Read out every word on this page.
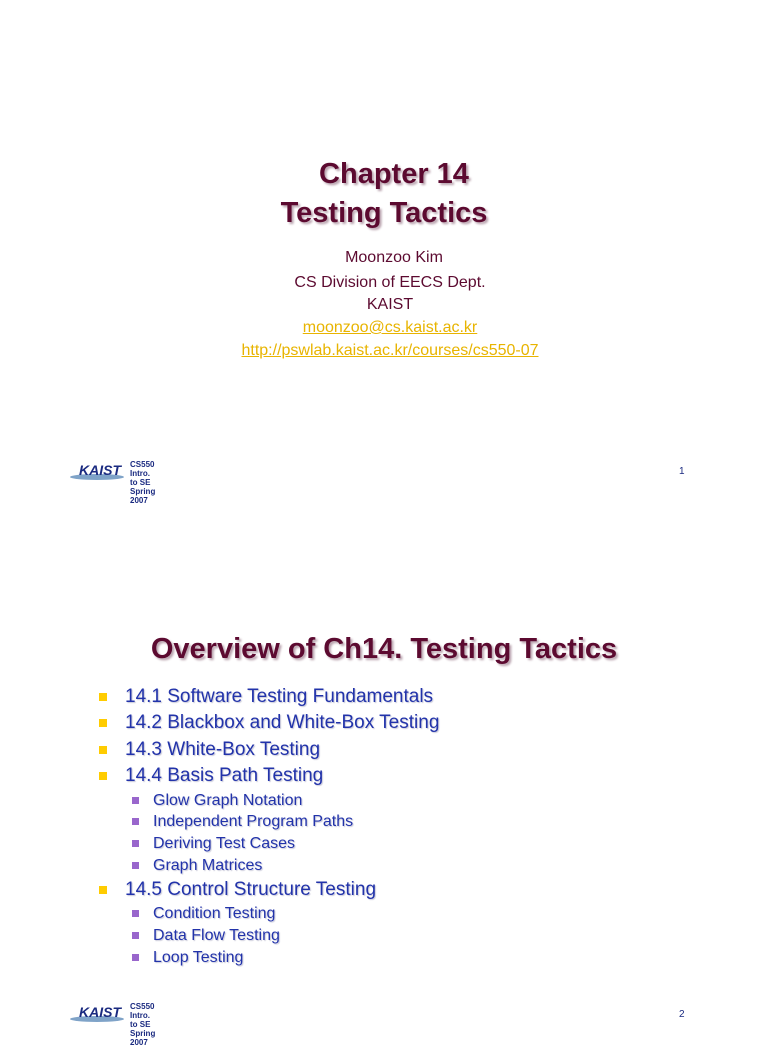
Chapter 14
Testing Tactics
Moonzoo Kim
CS Division of EECS Dept.
KAIST
moonzoo@cs.kaist.ac.kr
http://pswlab.kaist.ac.kr/courses/cs550-07
KAIST CS550 Intro. to SE
Spring 2007
1
Overview of Ch14. Testing Tactics
14.1 Software Testing Fundamentals
14.2 Blackbox and White-Box Testing
14.3 White-Box Testing
14.4 Basis Path Testing
Glow Graph Notation
Independent Program Paths
Deriving Test Cases
Graph Matrices
14.5 Control Structure Testing
Condition Testing
Data Flow Testing
Loop Testing
KAIST CS550 Intro. to SE
Spring 2007
2
